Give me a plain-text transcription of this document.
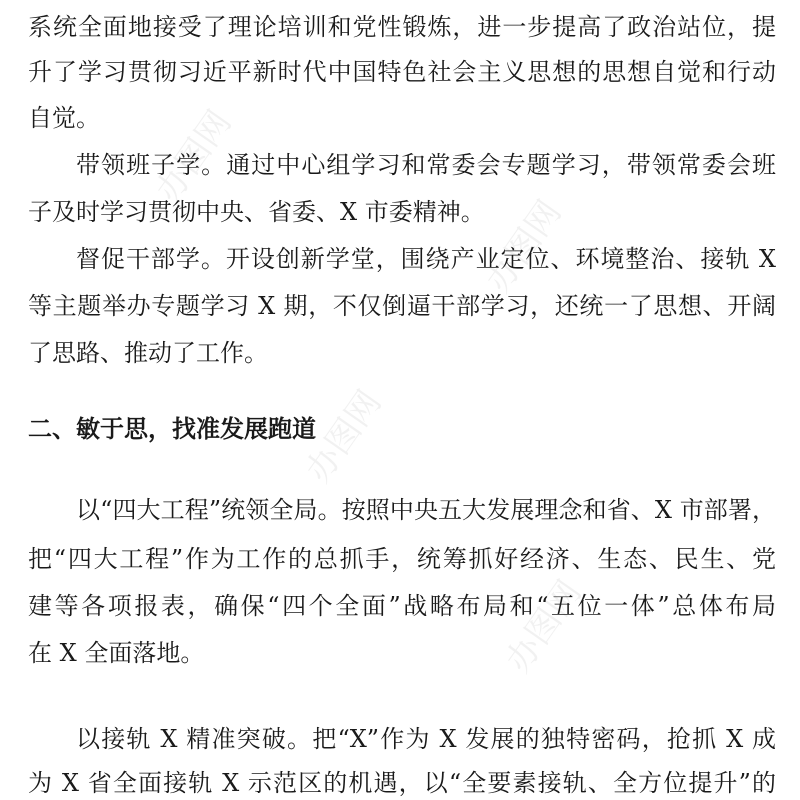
办图网
办图网
办图网
办图网
系统全面地接受了理论培训和党性锻炼，进一步提高了政治站位，提
升了学习贯彻习近平新时代中国特色社会主义思想的思想自觉和行动
自觉。
带领班子学。通过中心组学习和常委会专题学习，带领常委会班
子及时学习贯彻中央、省委、X 市委精神。
督促干部学。开设创新学堂，围绕产业定位、环境整治、接轨 X
等主题举办专题学习 X 期，不仅倒逼干部学习，还统一了思想、开阔
了思路、推动了工作。
二、敏于思，找准发展跑道
以“四大工程”统领全局。按照中央五大发展理念和省、X 市部署，
把“四大工程”作为工作的总抓手，统筹抓好经济、生态、民生、党
建等各项报表，确保“四个全面”战略布局和“五位一体”总体布局
在 X 全面落地。
以接轨 X 精准突破。把“X”作为 X 发展的独特密码，抢抓 X 成
为 X 省全面接轨 X 示范区的机遇，以“全要素接轨、全方位提升”的
